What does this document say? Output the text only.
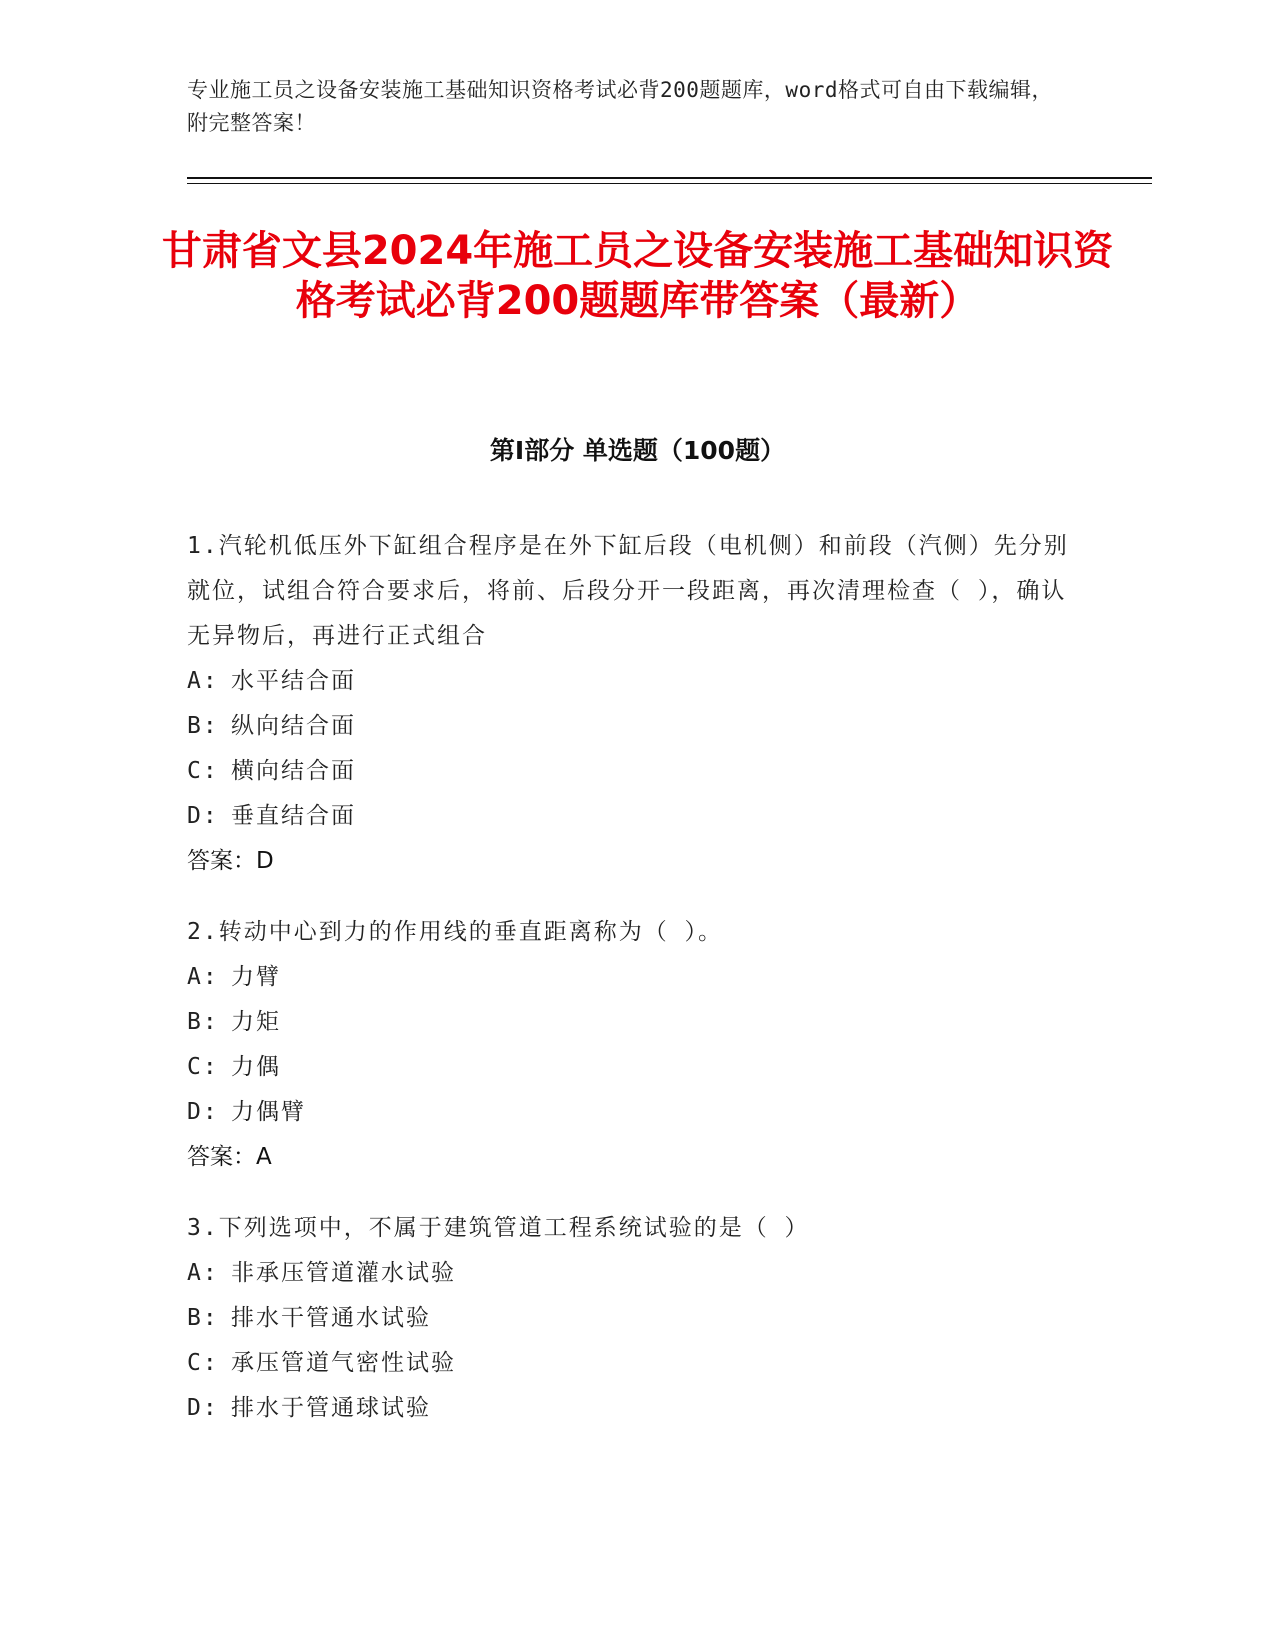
专业施工员之设备安装施工基础知识资格考试必背200题题库，word格式可自由下载编辑，附完整答案！
甘肃省文县2024年施工员之设备安装施工基础知识资格考试必背200题题库带答案（最新）
第Ⅰ部分 单选题（100题）
1.汽轮机低压外下缸组合程序是在外下缸后段（电机侧）和前段（汽侧）先分别就位，试组合符合要求后，将前、后段分开一段距离，再次清理检查（ ），确认无异物后，再进行正式组合
A: 水平结合面
B: 纵向结合面
C: 横向结合面
D: 垂直结合面
答案：D
2.转动中心到力的作用线的垂直距离称为（ ）。
A: 力臂
B: 力矩
C: 力偶
D: 力偶臂
答案：A
3.下列选项中，不属于建筑管道工程系统试验的是（ ）
A: 非承压管道灌水试验
B: 排水干管通水试验
C: 承压管道气密性试验
D: 排水于管通球试验
